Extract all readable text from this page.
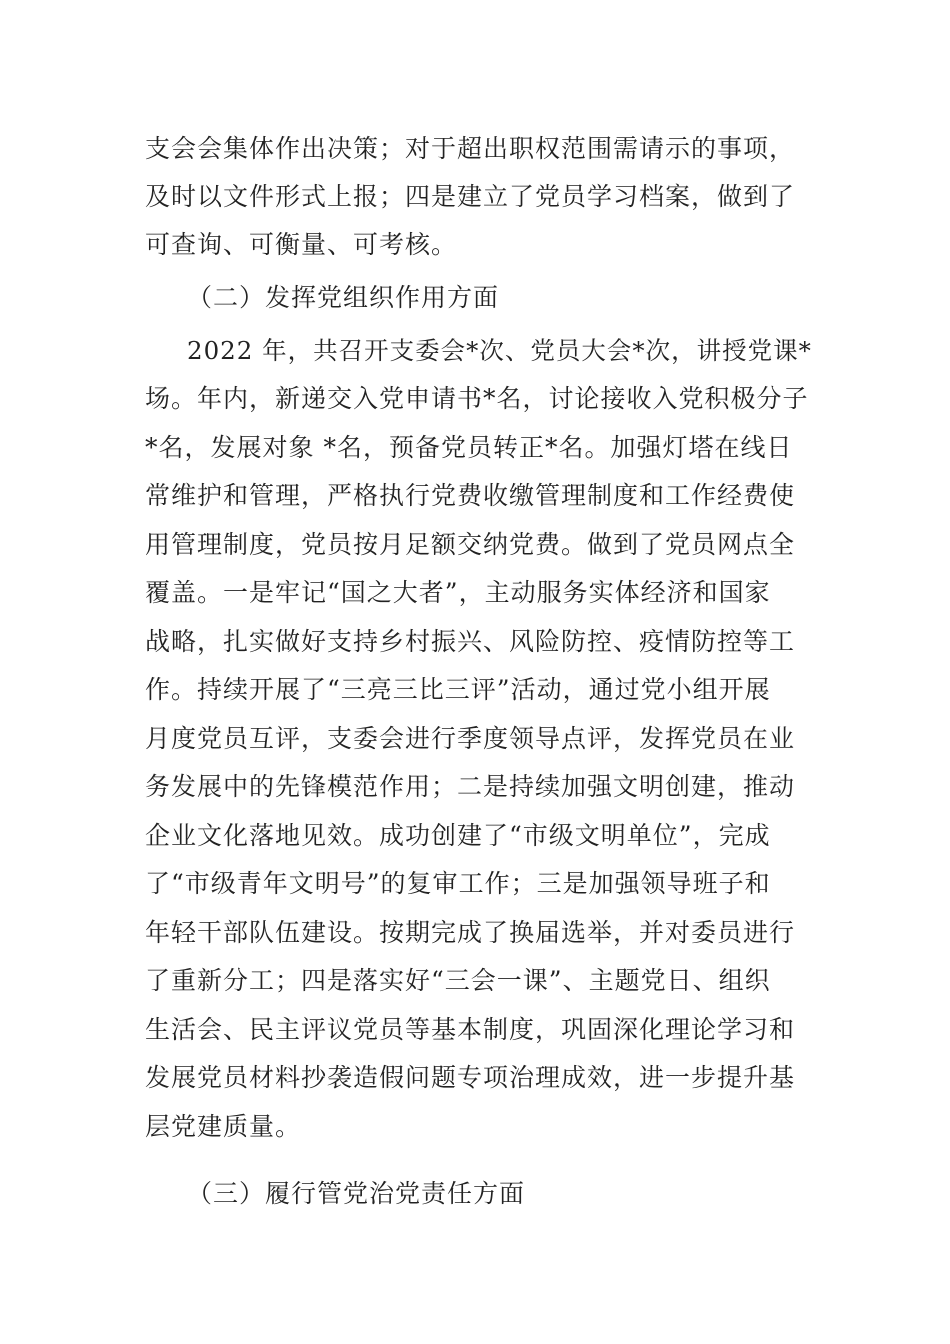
支会会集体作出决策；对于超出职权范围需请示的事项，
及时以文件形式上报；四是建立了党员学习档案，做到了
可查询、可衡量、可考核。
（二）发挥党组织作用方面
2022 年，共召开支委会*次、党员大会*次，讲授党课*
场。年内，新递交入党申请书*名，讨论接收入党积极分子
*名，发展对象 *名，预备党员转正*名。加强灯塔在线日
常维护和管理，严格执行党费收缴管理制度和工作经费使
用管理制度，党员按月足额交纳党费。做到了党员网点全
覆盖。一是牢记“国之大者”，主动服务实体经济和国家
战略，扎实做好支持乡村振兴、风险防控、疫情防控等工
作。持续开展了“三亮三比三评”活动，通过党小组开展
月度党员互评，支委会进行季度领导点评，发挥党员在业
务发展中的先锋模范作用；二是持续加强文明创建，推动
企业文化落地见效。成功创建了“市级文明单位”，完成
了“市级青年文明号”的复审工作；三是加强领导班子和
年轻干部队伍建设。按期完成了换届选举，并对委员进行
了重新分工；四是落实好“三会一课”、主题党日、组织
生活会、民主评议党员等基本制度，巩固深化理论学习和
发展党员材料抄袭造假问题专项治理成效，进一步提升基
层党建质量。
（三）履行管党治党责任方面
